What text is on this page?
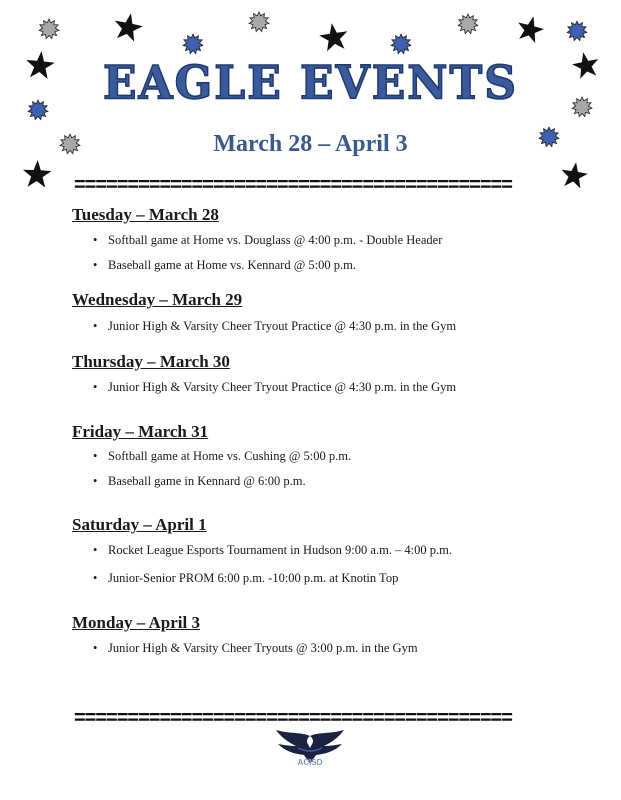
EAGLE EVENTS
March 28 – April 3
=========================================
Tuesday – March 28
• Softball game at Home vs. Douglass @ 4:00 p.m. - Double Header
• Baseball game at Home vs. Kennard @ 5:00 p.m.
Wednesday – March 29
• Junior High & Varsity Cheer Tryout Practice @ 4:30 p.m. in the Gym
Thursday – March 30
• Junior High & Varsity Cheer Tryout Practice @ 4:30 p.m. in the Gym
Friday – March 31
• Softball game at Home vs. Cushing @ 5:00 p.m.
• Baseball game in Kennard @ 6:00 p.m.
Saturday – April 1
• Rocket League Esports Tournament in Hudson 9:00 a.m. – 4:00 p.m.
• Junior-Senior PROM 6:00 p.m. -10:00 p.m. at Knotin Top
Monday – April 3
• Junior High & Varsity Cheer Tryouts @ 3:00 p.m. in the Gym
=========================================
ACISD
